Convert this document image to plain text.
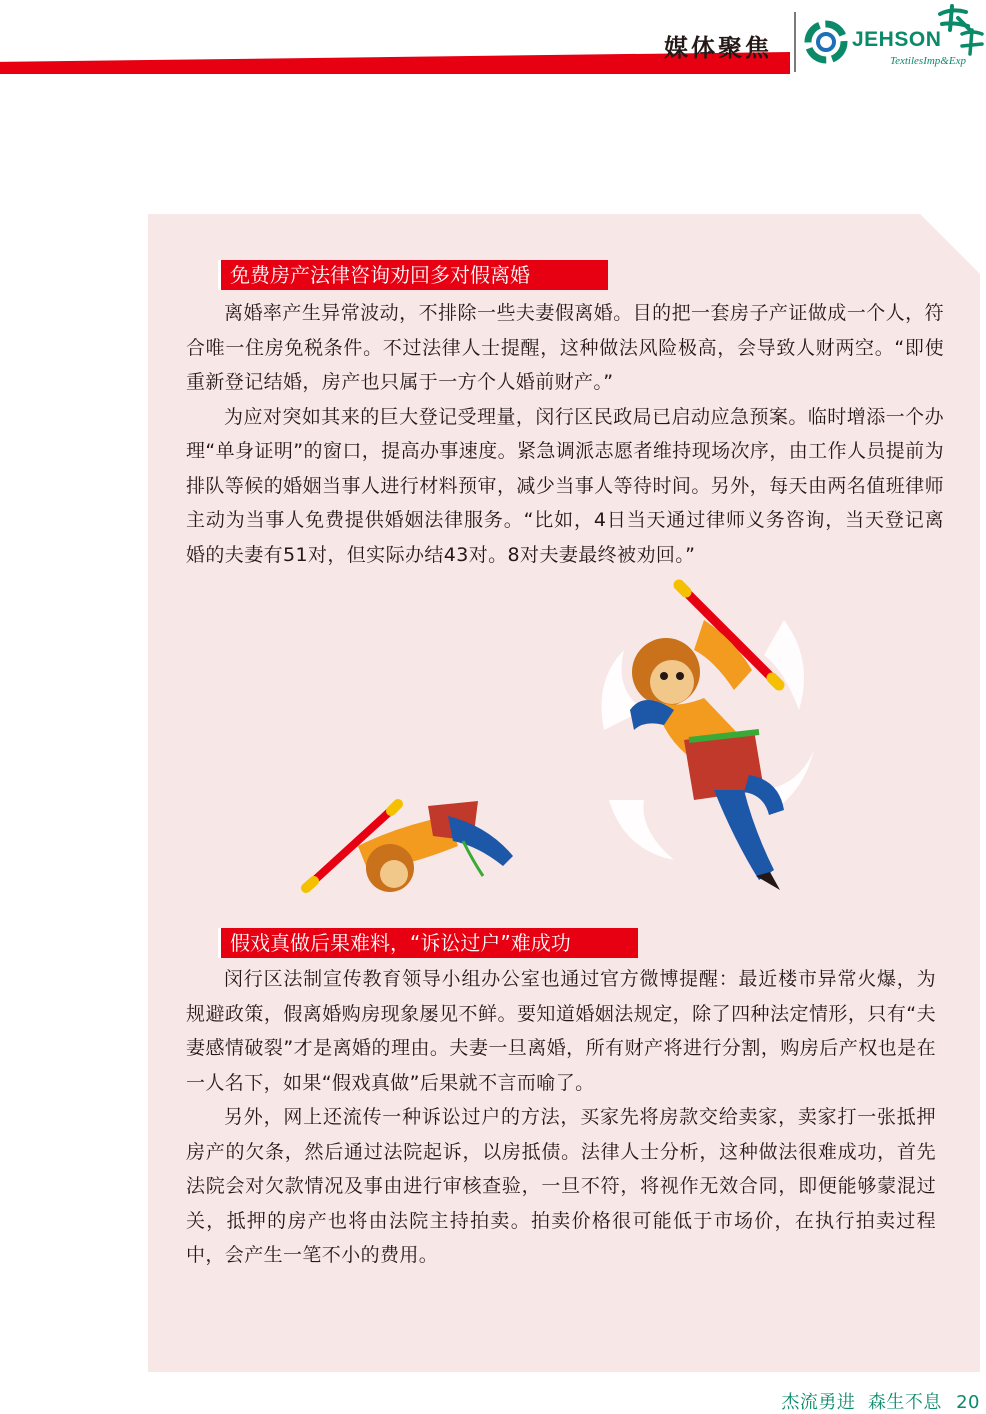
媒体聚焦	JEHSON
TextilesImp&Exp
免费房产法律咨询劝回多对假离婚

离婚率产生异常波动，不排除一些夫妻假离婚。目的把一套房子产证做成一个人，符合唯一住房免税条件。不过法律人士提醒，这种做法风险极高，会导致人财两空。“即使重新登记结婚，房产也只属于一方个人婚前财产。”

为应对突如其来的巨大登记受理量，闵行区民政局已启动应急预案。临时增添一个办理“单身证明”的窗口，提高办事速度。紧急调派志愿者维持现场次序，由工作人员提前为排队等候的婚姻当事人进行材料预审，减少当事人等待时间。另外，每天由两名值班律师主动为当事人免费提供婚姻法律服务。“比如，4日当天通过律师义务咨询，当天登记离婚的夫妻有51对，但实际办结43对。8对夫妻最终被劝回。”

假戏真做后果难料，“诉讼过户”难成功

闵行区法制宣传教育领导小组办公室也通过官方微博提醒：最近楼市异常火爆，为规避政策，假离婚购房现象屡见不鲜。要知道婚姻法规定，除了四种法定情形，只有“夫妻感情破裂”才是离婚的理由。夫妻一旦离婚，所有财产将进行分割，购房后产权也是在一人名下，如果“假戏真做”后果就不言而喻了。

另外，网上还流传一种诉讼过户的方法，买家先将房款交给卖家，卖家打一张抵押房产的欠条，然后通过法院起诉，以房抵债。法律人士分析，这种做法很难成功，首先法院会对欠款情况及事由进行审核查验，一旦不符，将视作无效合同，即便能够蒙混过关，抵押的房产也将由法院主持拍卖。拍卖价格很可能低于市场价，在执行拍卖过程中，会产生一笔不小的费用。

杰流勇进  森生不息 20
